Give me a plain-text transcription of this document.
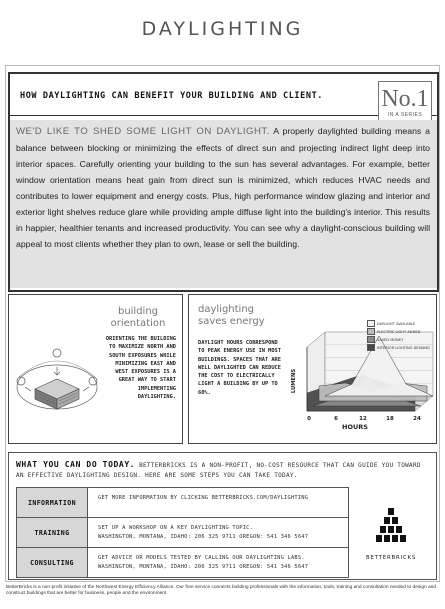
DAYLIGHTING
HOW DAYLIGHTING CAN BENEFIT YOUR BUILDING AND CLIENT. No.1
IN A SERIES
WE'D LIKE TO SHED SOME LIGHT ON DAYLIGHT. A properly daylighted building means a balance between blocking or minimizing the effects of direct sun and projecting indirect light deep into interior spaces. Carefully orienting your building to the sun has several advantages. For example, better window orientation means heat gain from direct sun is minimized, which reduces HVAC needs and contributes to lower equipment and energy costs. Plus, high performance window glazing and interior and exterior light shelves reduce glare while providing ample diffuse light into the building's interior. This results in happier, healthier tenants and increased productivity. You can see why a daylight-conscious building will appeal to most clients whether they plan to own, lease or sell the building.
building
orientation
ORIENTING THE BUILDING TO MAXIMIZE NORTH AND SOUTH EXPOSURES WHILE MINIMIZING EAST AND WEST EXPOSURES IS A GREAT WAY TO START IMPLEMENTING DAYLIGHTING.
daylighting
saves energy
DAYLIGHT HOURS CORRESPOND TO PEAK ENERGY USE IN MOST BUILDINGS. SPACES THAT ARE WELL DAYLIGHTED CAN REDUCE THE COST TO ELECTRICALLY LIGHT A BUILDING BY UP TO 60%.
0	6	12	18	24
HOURS
LUMENS
DAYLIGHT AVAILABLE
ELECTRIC LIGHT ADDED
SAVED MONEY
INTERIOR LIGHTING DEMAND
WHAT YOU CAN DO TODAY. BETTERBRICKS IS A NON-PROFIT, NO-COST RESOURCE THAT CAN GUIDE YOU TOWARD AN EFFECTIVE DAYLIGHTING DESIGN. HERE ARE SOME STEPS YOU CAN TAKE TODAY.
INFORMATION
GET MORE INFORMATION BY CLICKING BETTERBRICKS.COM/DAYLIGHTING
TRAINING
SET UP A WORKSHOP ON A KEY DAYLIGHTING TOPIC.
WASHINGTON, MONTANA, IDAHO: 206 325 9711 OREGON: 541 346 5647
CONSULTING
GET ADVICE OR MODELS TESTED BY CALLING OUR DAYLIGHTING LABS.
WASHINGTON, MONTANA, IDAHO: 206 325 9711 OREGON: 541 346 5647
BETTERBRICKS
BetterBricks is a non-profit initiative of the Northwest Energy Efficiency Alliance. Our free service connects building professionals with the information, tools, training and consultation needed to design and construct buildings that are better for business, people and the environment.
